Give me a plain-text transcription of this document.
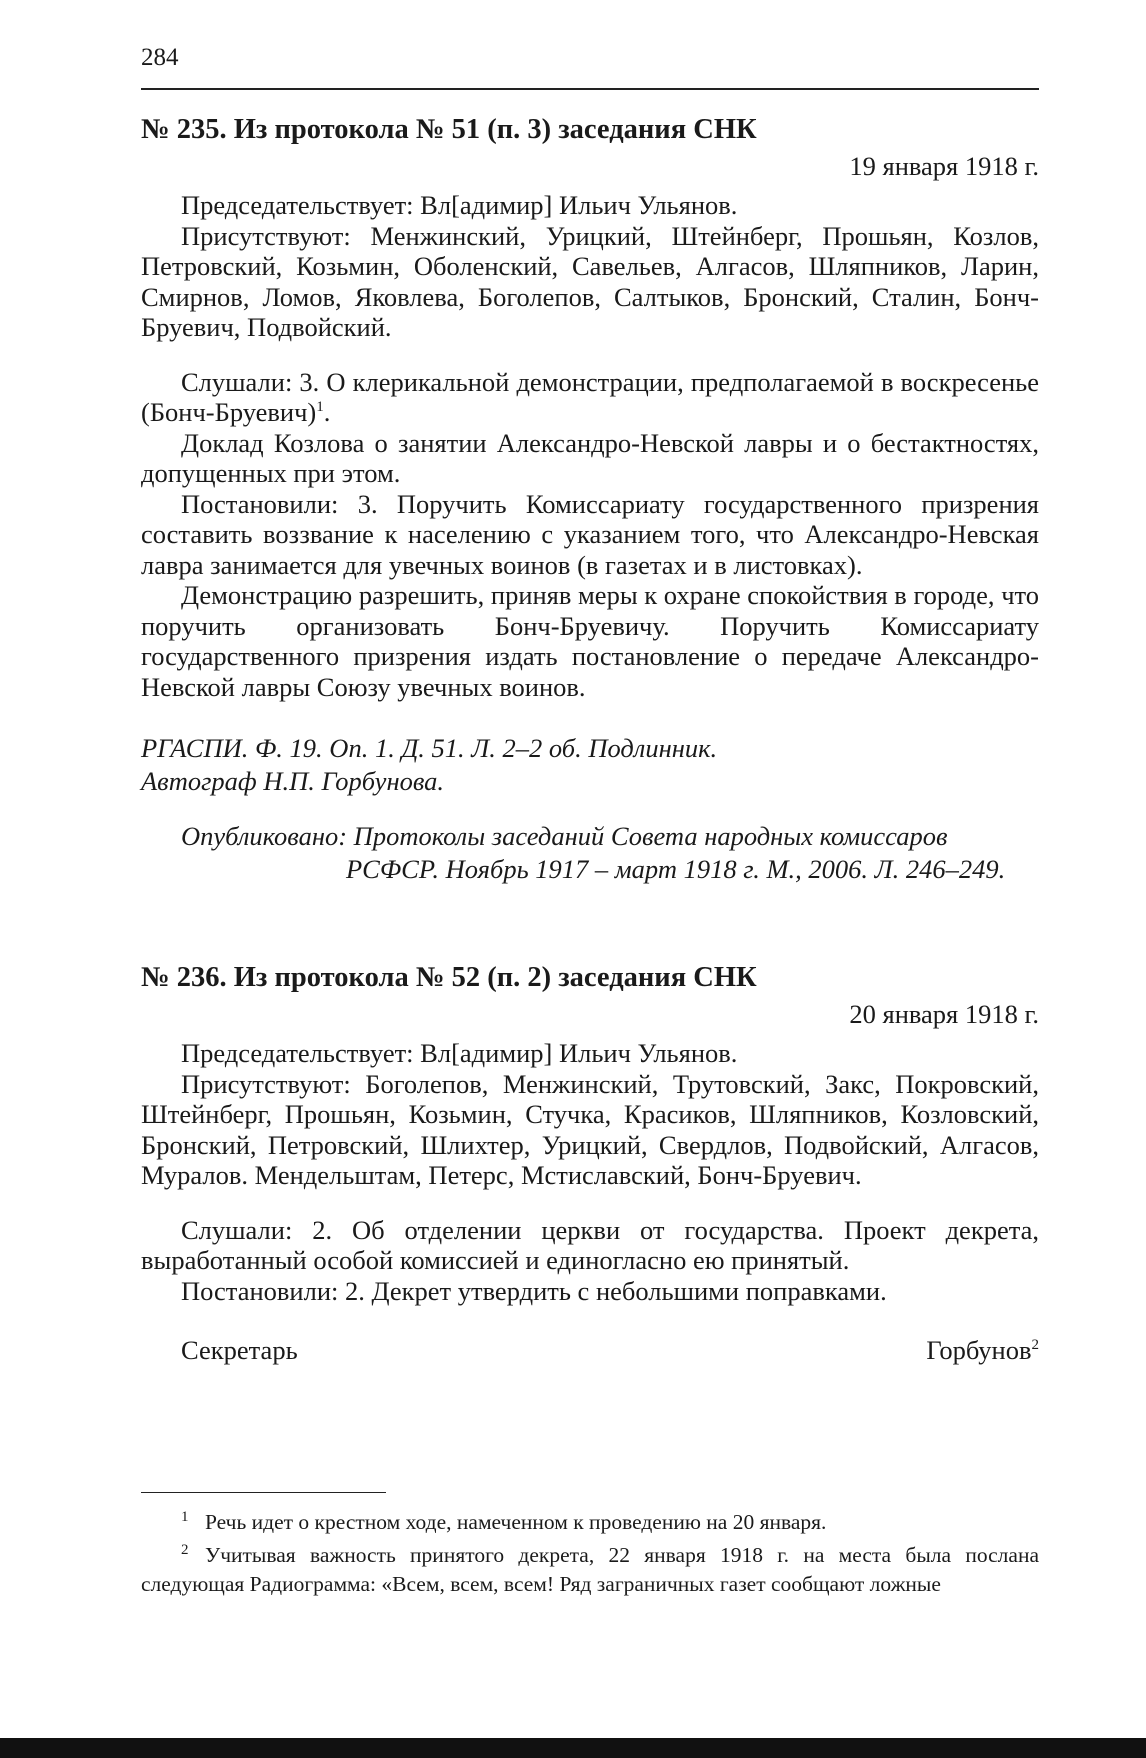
284

№ 235. Из протокола № 51 (п. 3) заседания СНК

19 января 1918 г.

Председательствует: Вл[адимир] Ильич Ульянов.

Присутствуют: Менжинский, Урицкий, Штейнберг, Прошьян, Козлов, Петровский, Козьмин, Оболенский, Савельев, Алгасов, Шляпников, Ларин, Смирнов, Ломов, Яковлева, Боголепов, Салтыков, Бронский, Сталин, Бонч-Бруевич, Подвойский.

Слушали: 3. О клерикальной демонстрации, предполагаемой в воскресенье (Бонч-Бруевич)$^1$.

Доклад Козлова о занятии Александро-Невской лавры и о бестактностях, допущенных при этом.

Постановили: 3. Поручить Комиссариату государственного призрения составить воззвание к населению с указанием того, что Александро-Невская лавра занимается для увечных воинов (в газетах и в листовках).

Демонстрацию разрешить, приняв меры к охране спокойствия в городе, что поручить организовать Бонч-Бруевичу. Поручить Комиссариату государственного призрения издать постановление о передаче Александро-Невской лавры Союзу увечных воинов.

РГАСПИ. Ф. 19. Оп. 1. Д. 51. Л. 2–2 об. Подлинник.

Автограф Н.П. Горбунова.

Опубликовано: Протоколы заседаний Совета народных комиссаров
РСФСР. Ноябрь 1917 – март 1918 г. М., 2006. Л. 246–249.

№ 236. Из протокола № 52 (п. 2) заседания СНК

20 января 1918 г.

Председательствует: Вл[адимир] Ильич Ульянов.

Присутствуют: Боголепов, Менжинский, Трутовский, Закс, Покровский, Штейнберг, Прошьян, Козьмин, Стучка, Красиков, Шляпников, Козловский, Бронский, Петровский, Шлихтер, Урицкий, Свердлов, Подвойский, Алгасов, Муралов. Мендельштам, Петерс, Мстиславский, Бонч-Бруевич.

Слушали: 2. Об отделении церкви от государства. Проект декрета, выработанный особой комиссией и единогласно ею принятый.

Постановили: 2. Декрет утвердить с небольшими поправками.

Секретарь	Горбунов$^2$

$^1$ Речь идет о крестном ходе, намеченном к проведению на 20 января.

$^2$ Учитывая важность принятого декрета, 22 января 1918 г. на места была послана следующая Радиограмма: «Всем, всем, всем! Ряд заграничных газет сообщают ложные
